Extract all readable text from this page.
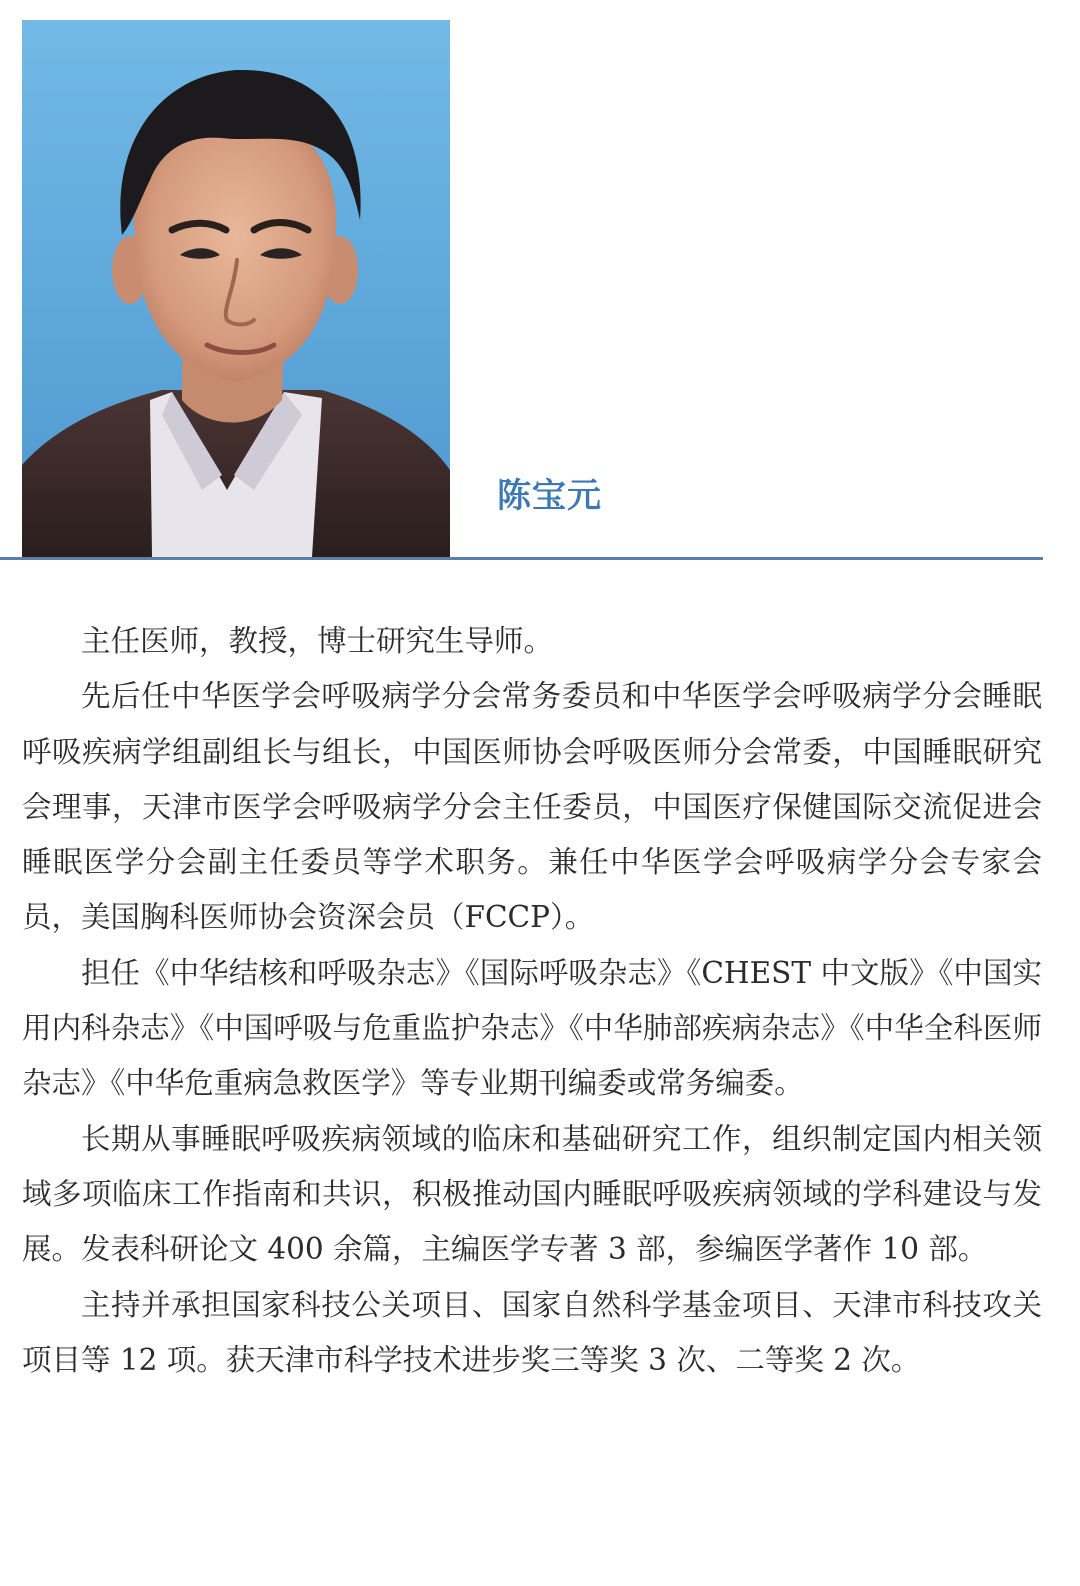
陈宝元

主任医师，教授，博士研究生导师。

先后任中华医学会呼吸病学分会常务委员和中华医学会呼吸病学分会睡眠呼吸疾病学组副组长与组长，中国医师协会呼吸医师分会常委，中国睡眠研究会理事，天津市医学会呼吸病学分会主任委员，中国医疗保健国际交流促进会睡眠医学分会副主任委员等学术职务。兼任中华医学会呼吸病学分会专家会员，美国胸科医师协会资深会员（FCCP）。

担任《中华结核和呼吸杂志》《国际呼吸杂志》《CHEST 中文版》《中国实用内科杂志》《中国呼吸与危重监护杂志》《中华肺部疾病杂志》《中华全科医师杂志》《中华危重病急救医学》等专业期刊编委或常务编委。

长期从事睡眠呼吸疾病领域的临床和基础研究工作，组织制定国内相关领域多项临床工作指南和共识，积极推动国内睡眠呼吸疾病领域的学科建设与发展。发表科研论文 400 余篇，主编医学专著 3 部，参编医学著作 10 部。

主持并承担国家科技公关项目、国家自然科学基金项目、天津市科技攻关项目等 12 项。获天津市科学技术进步奖三等奖 3 次、二等奖 2 次。
